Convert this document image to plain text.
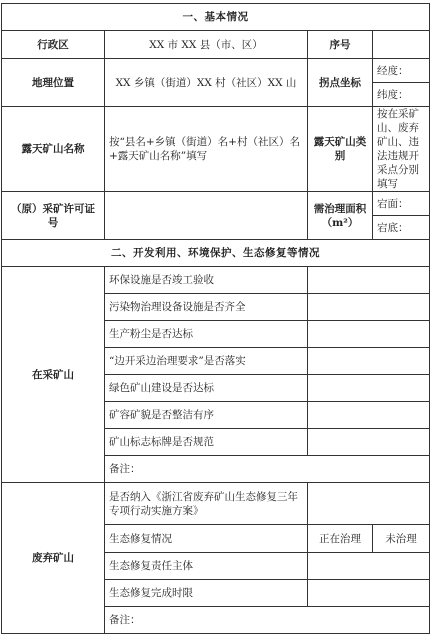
一、基本情况			
行政区	XX 市 XX 县（市、区）	序号	
地理位置	XX 乡镇（街道）XX 村（社区）XX 山	拐点坐标	经度：
			纬度：
露天矿山名称	按“县名+乡镇（街道）名+村（社区）名+露天矿山名称”填写	露天矿山类别	按在采矿山、废弃矿山、违法违规开采点分别填写
（原）采矿许可证号		需治理面积（m²）	宕面：
			宕底：
二、开发利用、环境保护、生态修复等情况			
在采矿山	环保设施是否竣工验收		
	污染物治理设备设施是否齐全		
	生产粉尘是否达标		
	“边开采边治理要求”是否落实		
	绿色矿山建设是否达标		
	矿容矿貌是否整洁有序		
	矿山标志标牌是否规范		
	备注：		
废弃矿山	是否纳入《浙江省废弃矿山生态修复三年专项行动实施方案》		
	生态修复情况	正在治理	未治理
	生态修复责任主体		
	生态修复完成时限		
	备注：		
